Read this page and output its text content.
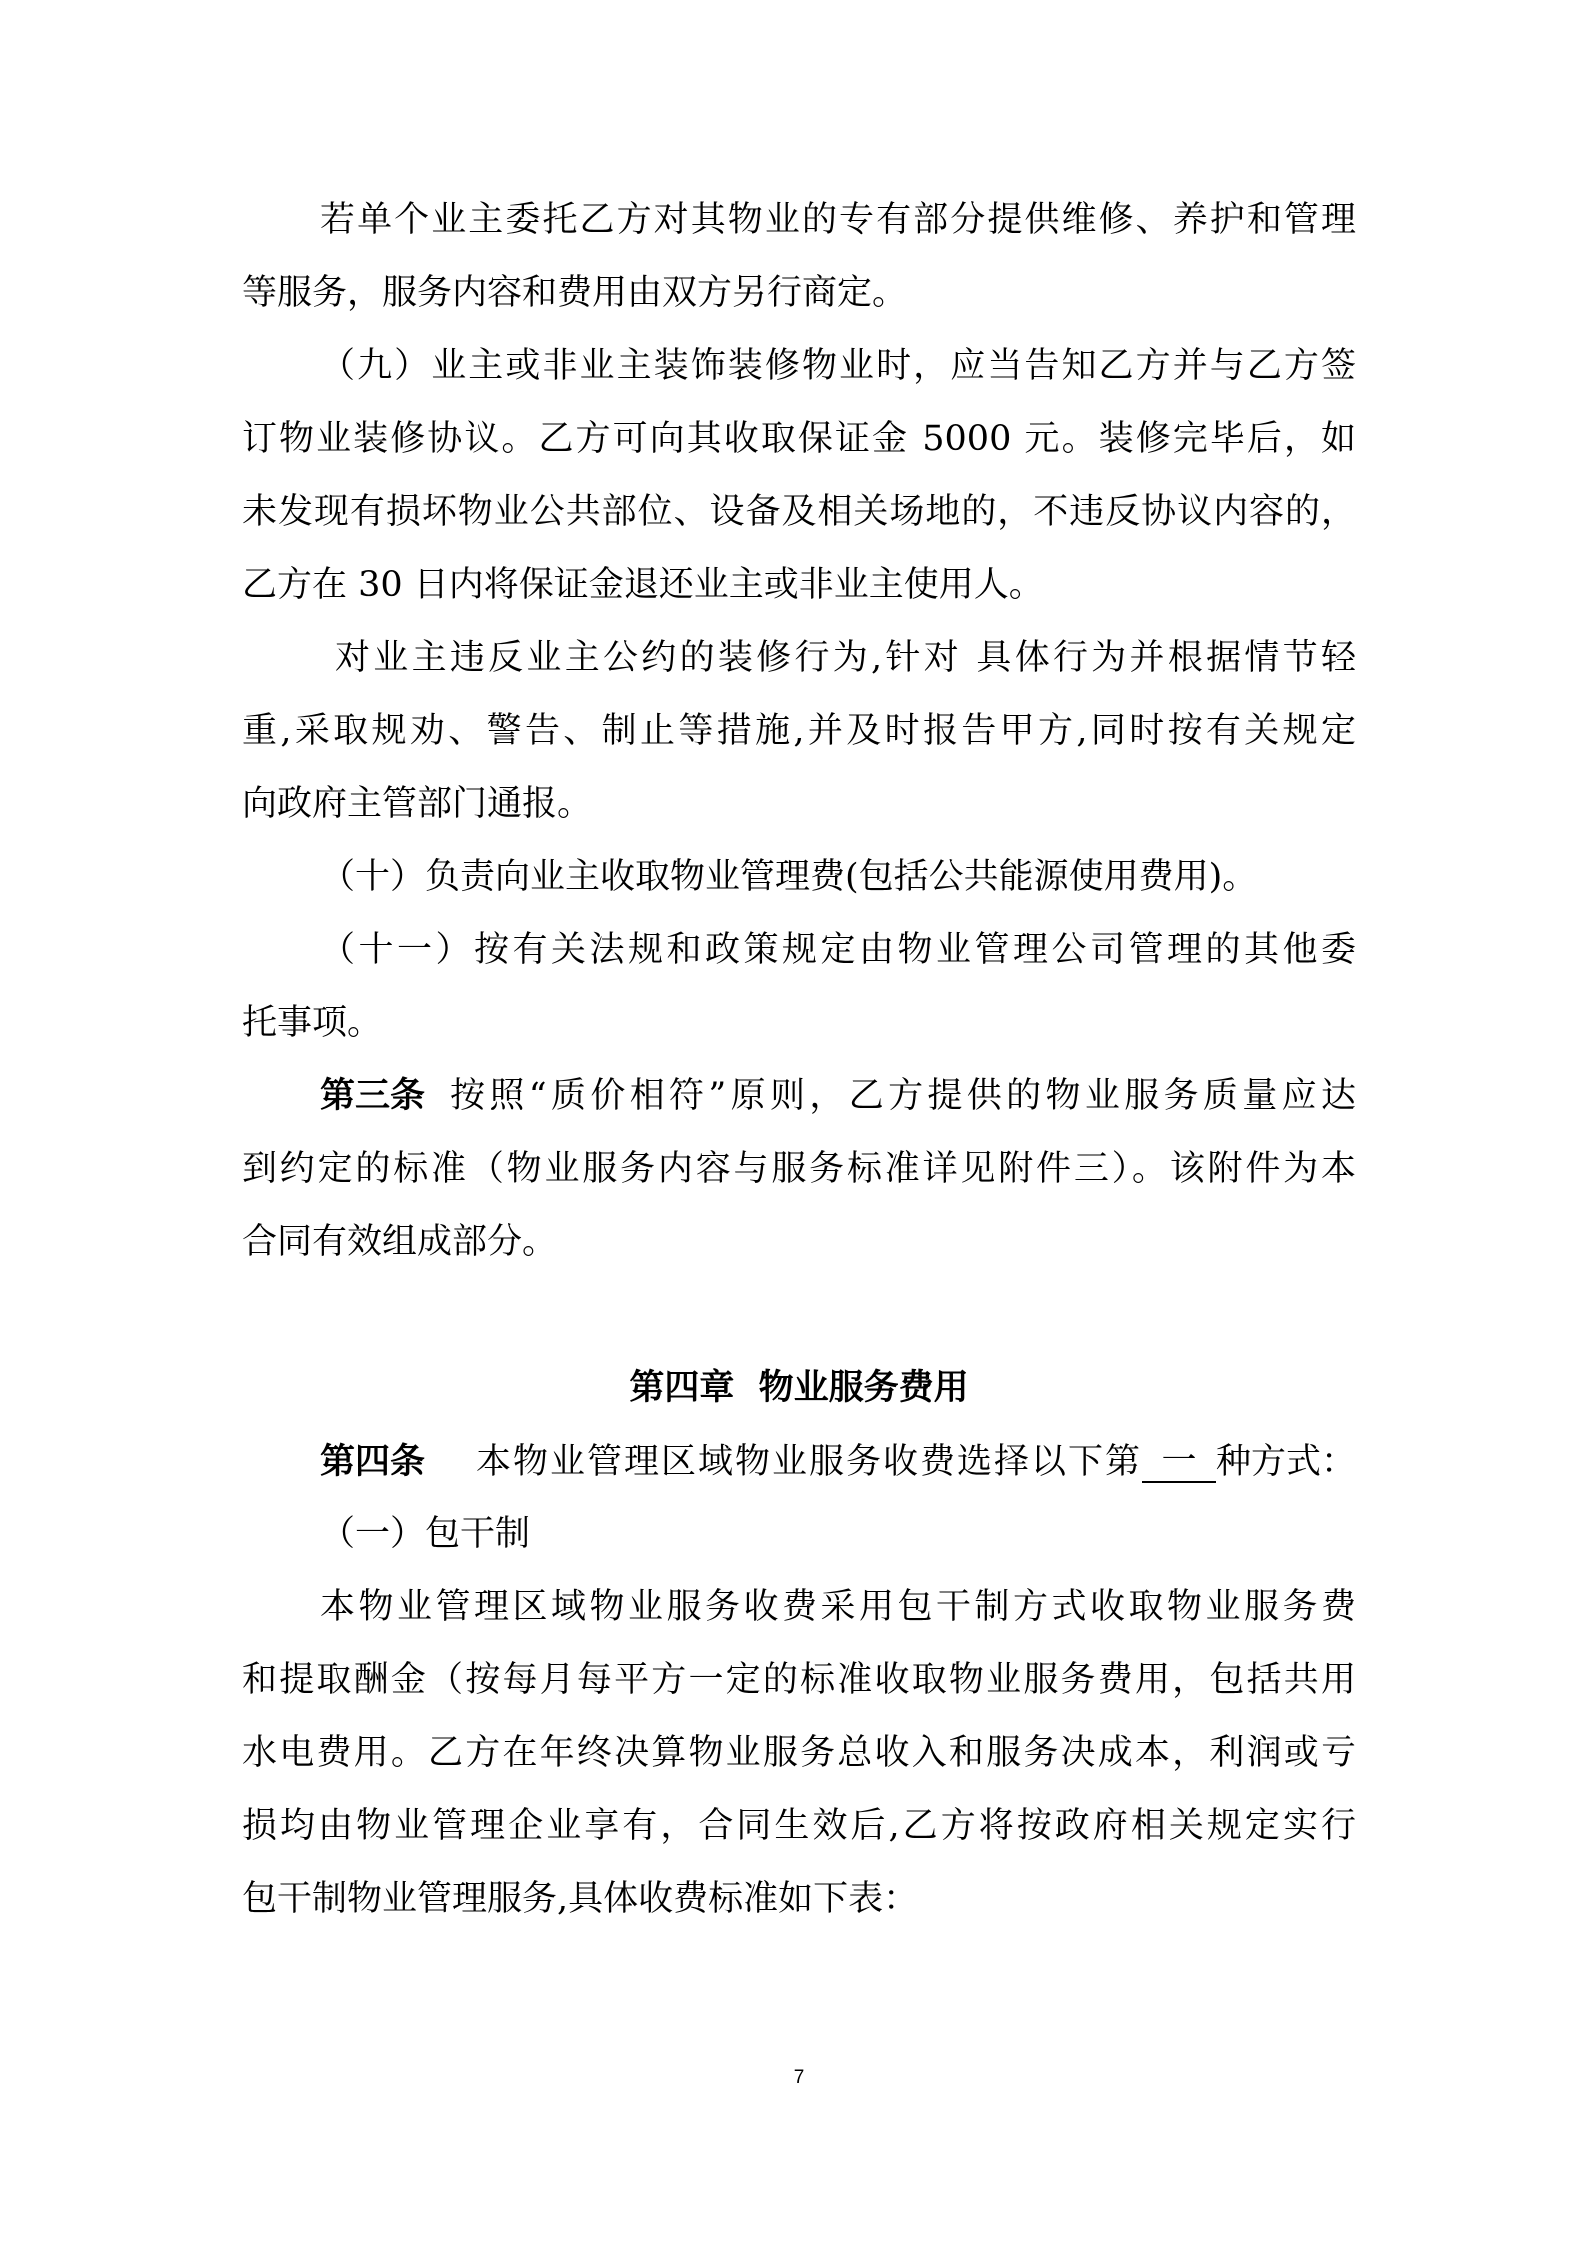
若单个业主委托乙方对其物业的专有部分提供维修、养护和管理
等服务，服务内容和费用由双方另行商定。
（九）业主或非业主装饰装修物业时，应当告知乙方并与乙方签
订物业装修协议。乙方可向其收取保证金 5000 元。装修完毕后，如
未发现有损坏物业公共部位、设备及相关场地的，不违反协议内容的，
乙方在 30 日内将保证金退还业主或非业主使用人。
对业主违反业主公约的装修行为,针对 具体行为并根据情节轻
重,采取规劝、警告、制止等措施,并及时报告甲方,同时按有关规定
向政府主管部门通报。
（十）负责向业主收取物业管理费(包括公共能源使用费用)。
（十一）按有关法规和政策规定由物业管理公司管理的其他委
托事项。
第三条 按照“质价相符”原则，乙方提供的物业服务质量应达
到约定的标准（物业服务内容与服务标准详见附件三）。该附件为本
合同有效组成部分。
第四章  物业服务费用
第四条 本物业管理区域物业服务收费选择以下第 一 种方式：
（一）包干制
本物业管理区域物业服务收费采用包干制方式收取物业服务费
和提取酬金（按每月每平方一定的标准收取物业服务费用，包括共用
水电费用。乙方在年终决算物业服务总收入和服务决成本，利润或亏
损均由物业管理企业享有，合同生效后,乙方将按政府相关规定实行
包干制物业管理服务,具体收费标准如下表：
7
